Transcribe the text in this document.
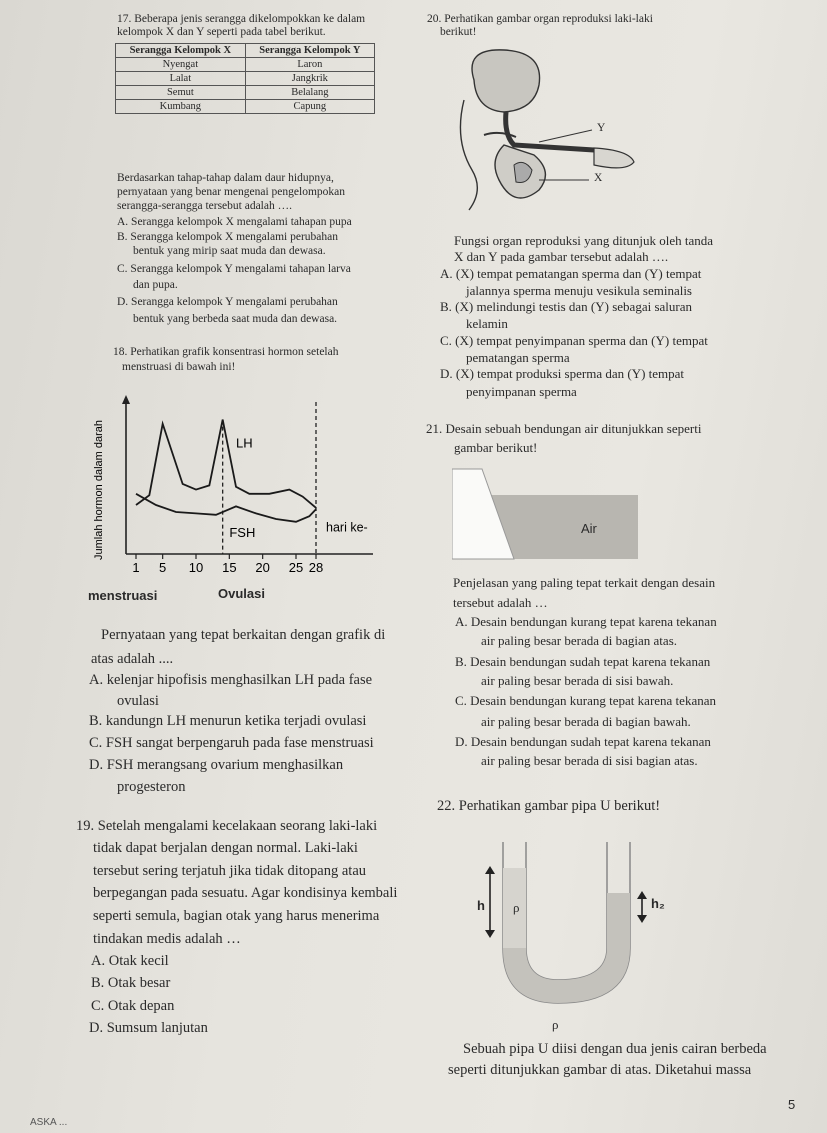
17. Beberapa jenis serangga dikelompokkan ke dalam
kelompok X dan Y seperti pada tabel berikut.
Serangga Kelompok X	Serangga Kelompok Y
Nyengat	Laron
Lalat	Jangkrik
Semut	Belalang
Kumbang	Capung
Berdasarkan tahap-tahap dalam daur hidupnya,
pernyataan yang benar mengenai pengelompokan
serangga-serangga tersebut adalah ….
A. Serangga kelompok X mengalami tahapan pupa
B. Serangga kelompok X mengalami perubahan
bentuk yang mirip saat muda dan dewasa.
C. Serangga kelompok Y mengalami tahapan larva
dan pupa.
D. Serangga kelompok Y mengalami perubahan
bentuk yang berbeda saat muda dan dewasa.
18. Perhatikan grafik konsentrasi hormon setelah
menstruasi di bawah ini!
Jumlah hormon dalam darah	LH
FSH
1 5 10 15 20 25 28
hari ke-
menstruasi	Ovulasi
Pernyataan yang tepat berkaitan dengan grafik di
atas adalah ....
A. kelenjar hipofisis menghasilkan LH pada fase
ovulasi
B. kandungn LH menurun ketika terjadi ovulasi
C. FSH sangat berpengaruh pada fase menstruasi
D. FSH merangsang ovarium menghasilkan
progesteron
19. Setelah mengalami kecelakaan seorang laki-laki
tidak dapat berjalan dengan normal. Laki-laki
tersebut sering terjatuh jika tidak ditopang atau
berpegangan pada sesuatu. Agar kondisinya kembali
seperti semula, bagian otak yang harus menerima
tindakan medis adalah …
A. Otak kecil
B. Otak besar
C. Otak depan
D. Sumsum lanjutan
ASKA ...
20. Perhatikan gambar organ reproduksi laki-laki
berikut!
Y
X
Fungsi organ reproduksi yang ditunjuk oleh tanda
X dan Y pada gambar tersebut adalah ….
A. (X) tempat pematangan sperma dan (Y) tempat
jalannya sperma menuju vesikula seminalis
B. (X) melindungi testis dan (Y) sebagai saluran
kelamin
C. (X) tempat penyimpanan sperma dan (Y) tempat
pematangan sperma
D. (X) tempat produksi sperma dan (Y) tempat
penyimpanan sperma
21. Desain sebuah bendungan air ditunjukkan seperti
gambar berikut!
Air
Penjelasan yang paling tepat terkait dengan desain
tersebut adalah …
A. Desain bendungan kurang tepat karena tekanan
air paling besar berada di bagian atas.
B. Desain bendungan sudah tepat karena tekanan
air paling besar berada di sisi bawah.
C. Desain bendungan kurang tepat karena tekanan
air paling besar berada di bagian bawah.
D. Desain bendungan sudah tepat karena tekanan
air paling besar berada di sisi bagian atas.
22. Perhatikan gambar pipa U berikut!
h ρ	h₂
ρ
Sebuah pipa U diisi dengan dua jenis cairan berbeda
seperti ditunjukkan gambar di atas. Diketahui massa
5
